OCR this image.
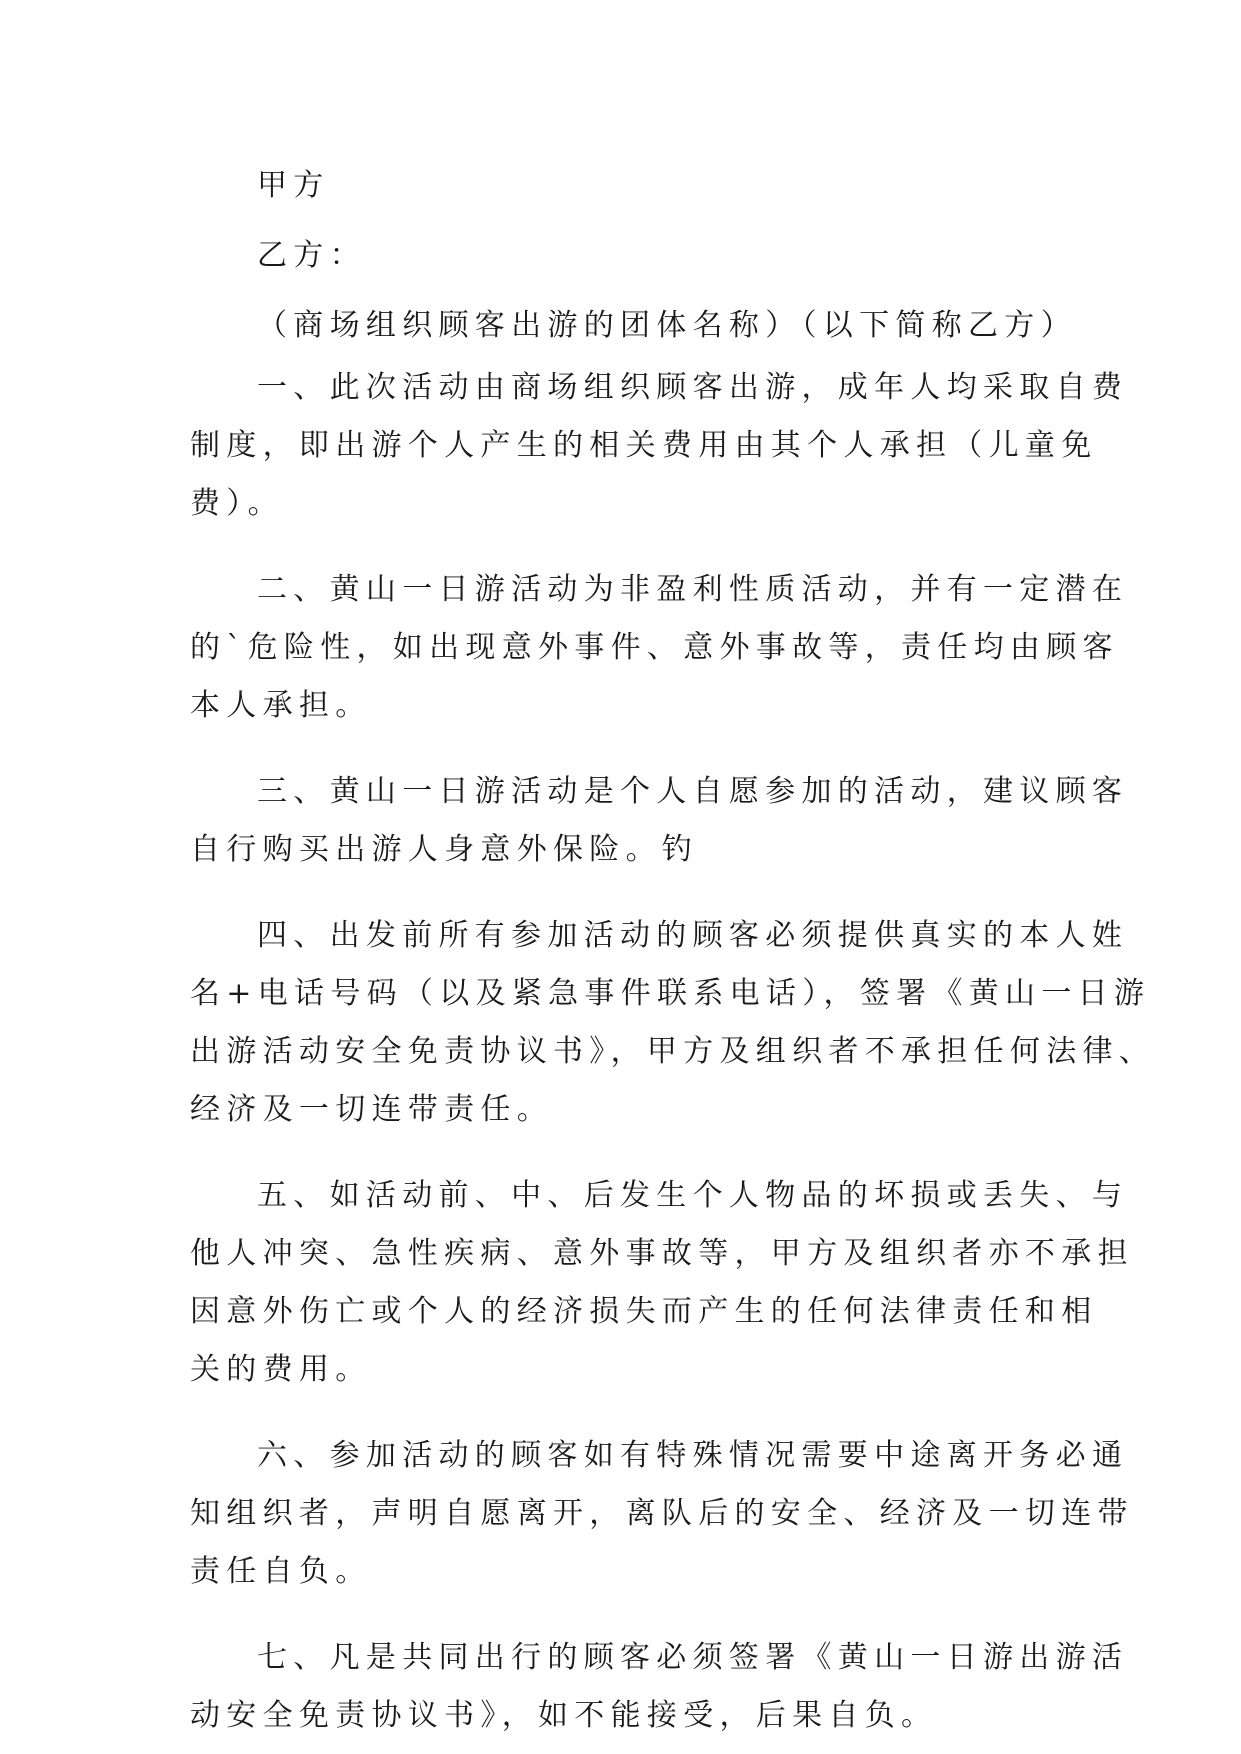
甲方
乙方：
（商场组织顾客出游的团体名称）（以下简称乙方）
一、此次活动由商场组织顾客出游，成年人均采取自费
制度，即出游个人产生的相关费用由其个人承担（儿童免
费）。
二、黄山一日游活动为非盈利性质活动，并有一定潜在
的`危险性，如出现意外事件、意外事故等，责任均由顾客
本人承担。
三、黄山一日游活动是个人自愿参加的活动，建议顾客
自行购买出游人身意外保险。钓
四、出发前所有参加活动的顾客必须提供真实的本人姓
名+电话号码（以及紧急事件联系电话），签署《黄山一日游
出游活动安全免责协议书》，甲方及组织者不承担任何法律、
经济及一切连带责任。
五、如活动前、中、后发生个人物品的坏损或丢失、与
他人冲突、急性疾病、意外事故等，甲方及组织者亦不承担
因意外伤亡或个人的经济损失而产生的任何法律责任和相
关的费用。
六、参加活动的顾客如有特殊情况需要中途离开务必通
知组织者，声明自愿离开，离队后的安全、经济及一切连带
责任自负。
七、凡是共同出行的顾客必须签署《黄山一日游出游活
动安全免责协议书》，如不能接受，后果自负。
